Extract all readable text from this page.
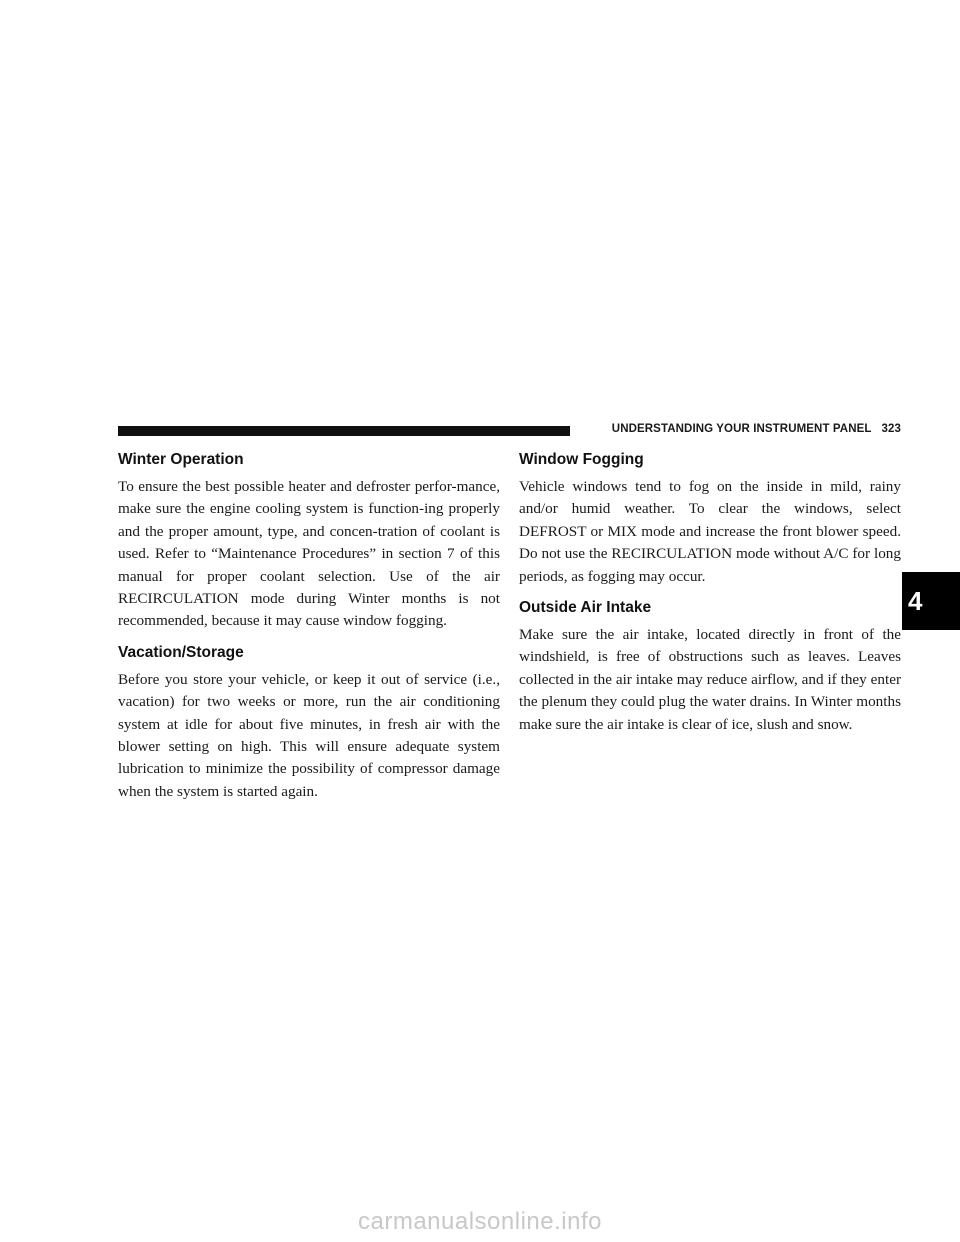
UNDERSTANDING YOUR INSTRUMENT PANEL 323
Winter Operation

To ensure the best possible heater and defroster perfor-mance, make sure the engine cooling system is function-ing properly and the proper amount, type, and concen-tration of coolant is used. Refer to “Maintenance Procedures” in section 7 of this manual for proper coolant selection. Use of the air RECIRCULATION mode during Winter months is not recommended, because it may cause window fogging.

Vacation/Storage

Before you store your vehicle, or keep it out of service (i.e., vacation) for two weeks or more, run the air conditioning system at idle for about five minutes, in fresh air with the blower setting on high. This will ensure adequate system lubrication to minimize the possibility of compressor damage when the system is started again.

Window Fogging

Vehicle windows tend to fog on the inside in mild, rainy and/or humid weather. To clear the windows, select DEFROST or MIX mode and increase the front blower speed. Do not use the RECIRCULATION mode without A/C for long periods, as fogging may occur.

Outside Air Intake

Make sure the air intake, located directly in front of the windshield, is free of obstructions such as leaves. Leaves collected in the air intake may reduce airflow, and if they enter the plenum they could plug the water drains. In Winter months make sure the air intake is clear of ice, slush and snow.

4
carmanualsonline.info
